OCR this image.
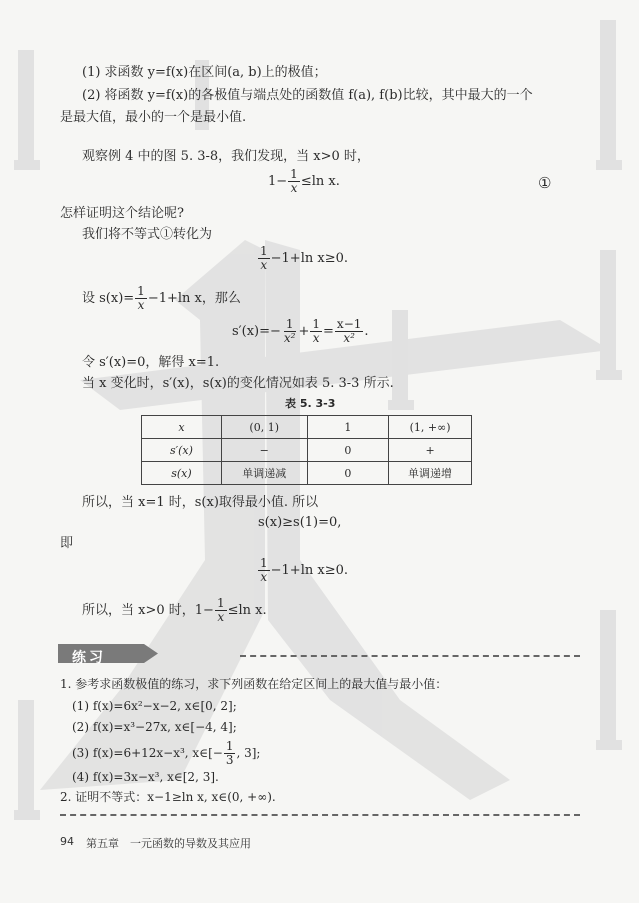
(1) 求函数 y=f(x)在区间(a, b)上的极值；
(2) 将函数 y=f(x)的各极值与端点处的函数值 f(a), f(b)比较，其中最大的一个
是最大值，最小的一个是最小值.
观察例 4 中的图 5. 3-8，我们发现，当 x>0 时，
$1- \frac{1}{x} \le\ln$ x.	①
怎样证明这个结论呢?
我们将不等式①转化为
$\frac{1}{x} -1+\ln$ x≥0.
设 $s(x)= \frac{1}{x} -1+\ln$ x，那么
$s'(x)=- \frac{1}{\text{x²}} + \frac{1}{x} = \frac{x-1}{\text{x²}}$ .
令 s′(x)=0，解得 x=1.
当 x 变化时，s′(x)，s(x)的变化情况如表 5. 3-3 所示.
表 5. 3-3
x	(0, 1)	1	(1, +∞)
s′(x)	−	0	+
s(x)	单调递减	0	单调递增
所以，当 x=1 时，s(x)取得最小值. 所以
s(x)≥s(1)=0,
即
$\frac{1}{x} -1+\ln$ x≥0.
所以，当 x>0 时，$1- \frac{1}{x} \le\ln$ x.
练习
1. 参考求函数极值的练习，求下列函数在给定区间上的最大值与最小值：
(1) f(x)=6x²−x−2, x∈[0, 2];
(2) f(x)=x³−27x, x∈[−4, 4];
(3) f(x)=6+12x−x³, x∈[− $\frac{1}{3}$ , 3];
(4) f(x)=3x−x³, x∈[2, 3].
2. 证明不等式：x−1≥ln x, x∈(0, +∞).
94 第五章 一元函数的导数及其应用
